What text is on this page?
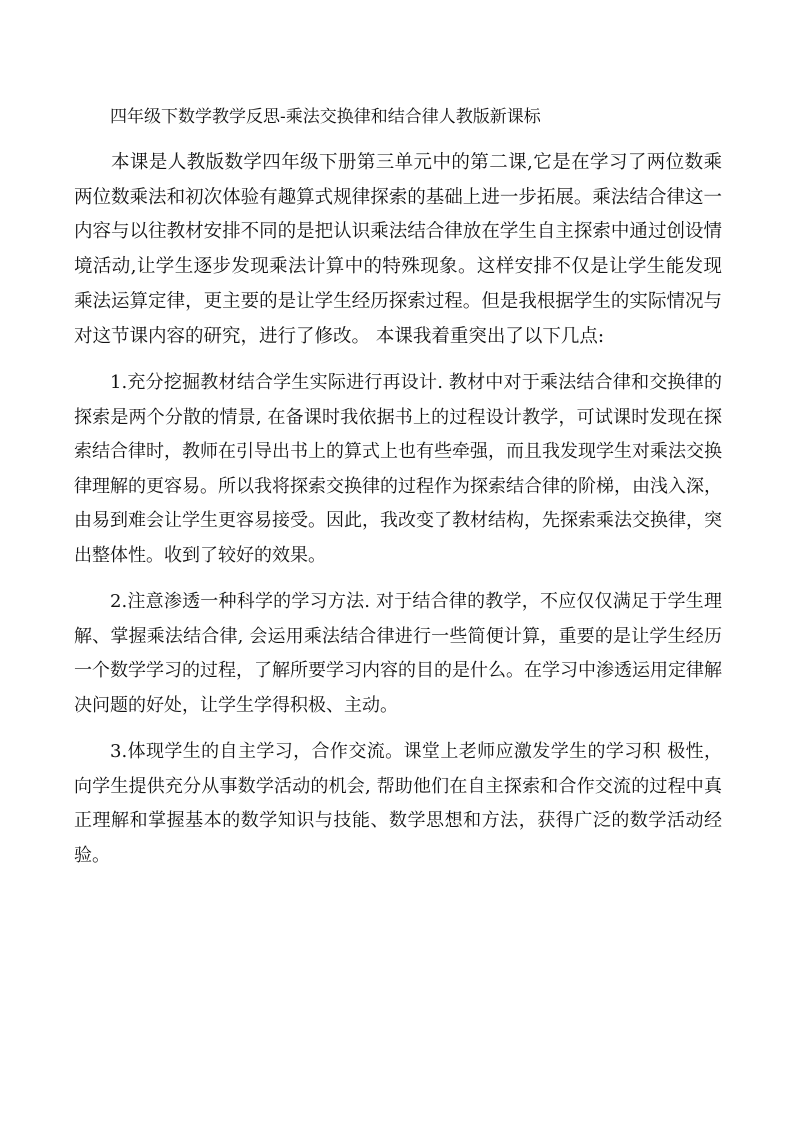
四年级下数学教学反思-乘法交换律和结合律人教版新课标

本课是人教版数学四年级下册第三单元中的第二课,它是在学习了两位数乘两位数乘法和初次体验有趣算式规律探索的基础上进一步拓展。乘法结合律这一内容与以往教材安排不同的是把认识乘法结合律放在学生自主探索中通过创设情境活动,让学生逐步发现乘法计算中的特殊现象。这样安排不仅是让学生能发现乘法运算定律，更主要的是让学生经历探索过程。但是我根据学生的实际情况与对这节课内容的研究，进行了修改。 本课我着重突出了以下几点:

1.充分挖掘教材结合学生实际进行再设计. 教材中对于乘法结合律和交换律的探索是两个分散的情景, 在备课时我依据书上的过程设计教学，可试课时发现在探索结合律时，教师在引导出书上的算式上也有些牵强，而且我发现学生对乘法交换律理解的更容易。所以我将探索交换律的过程作为探索结合律的阶梯，由浅入深，由易到难会让学生更容易接受。因此，我改变了教材结构，先探索乘法交换律，突出整体性。收到了较好的效果。

2.注意渗透一种科学的学习方法. 对于结合律的教学，不应仅仅满足于学生理解、掌握乘法结合律, 会运用乘法结合律进行一些简便计算，重要的是让学生经历一个数学学习的过程，了解所要学习内容的目的是什么。在学习中渗透运用定律解决问题的好处，让学生学得积极、主动。

3.体现学生的自主学习，合作交流。课堂上老师应激发学生的学习积 极性，向学生提供充分从事数学活动的机会, 帮助他们在自主探索和合作交流的过程中真正理解和掌握基本的数学知识与技能、数学思想和方法，获得广泛的数学活动经验。
